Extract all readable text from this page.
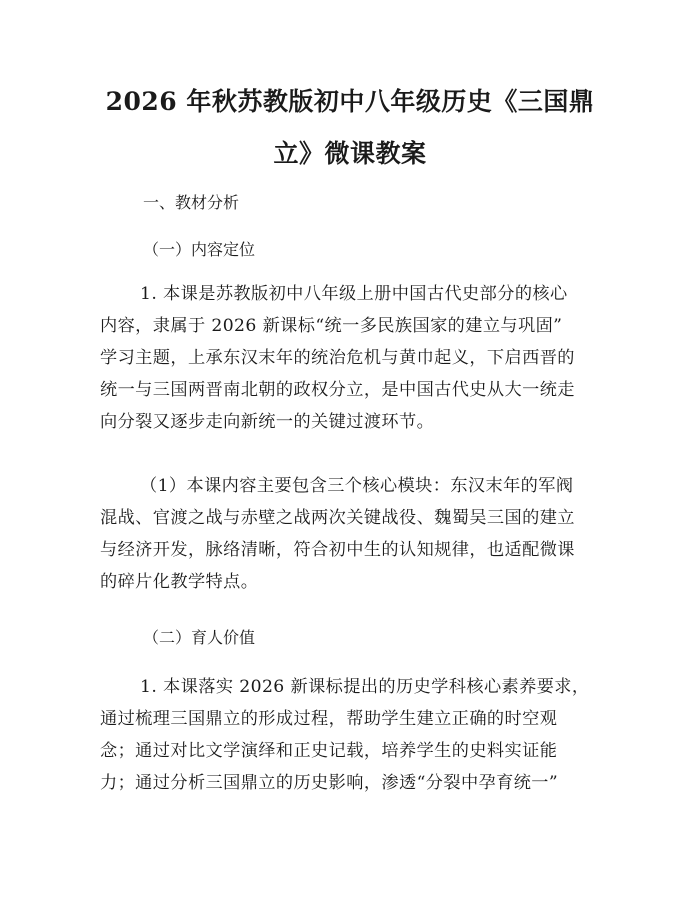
2026 年秋苏教版初中八年级历史《三国鼎
立》微课教案
一、教材分析
（一）内容定位
1. 本课是苏教版初中八年级上册中国古代史部分的核心
内容，隶属于 2026 新课标“统一多民族国家的建立与巩固”
学习主题，上承东汉末年的统治危机与黄巾起义，下启西晋的
统一与三国两晋南北朝的政权分立，是中国古代史从大一统走
向分裂又逐步走向新统一的关键过渡环节。
（1）本课内容主要包含三个核心模块：东汉末年的军阀
混战、官渡之战与赤壁之战两次关键战役、魏蜀吴三国的建立
与经济开发，脉络清晰，符合初中生的认知规律，也适配微课
的碎片化教学特点。
（二）育人价值
1. 本课落实 2026 新课标提出的历史学科核心素养要求，
通过梳理三国鼎立的形成过程，帮助学生建立正确的时空观
念；通过对比文学演绎和正史记载，培养学生的史料实证能
力；通过分析三国鼎立的历史影响，渗透“分裂中孕育统一”
